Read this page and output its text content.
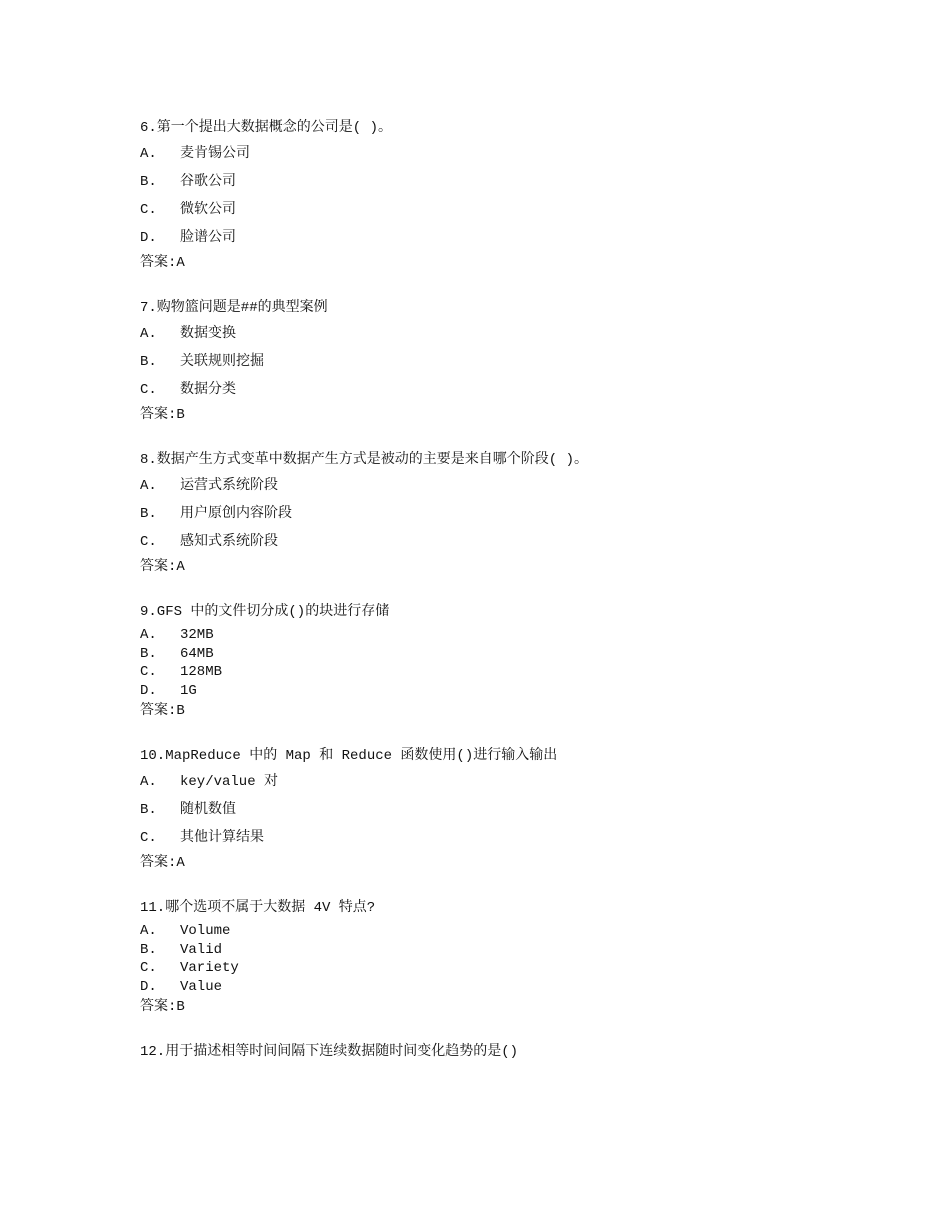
6.第一个提出大数据概念的公司是( )。
A.	麦肯锡公司
B.	谷歌公司
C.	微软公司
D.	脸谱公司
答案:A
7.购物篮问题是##的典型案例
A.	数据变换
B.	关联规则挖掘
C.	数据分类
答案:B
8.数据产生方式变革中数据产生方式是被动的主要是来自哪个阶段( )。
A.	运营式系统阶段
B.	用户原创内容阶段
C.	感知式系统阶段
答案:A
9.GFS 中的文件切分成()的块进行存储
A.	32MB
B.	64MB
C.	128MB
D.	1G
答案:B
10.MapReduce 中的 Map 和 Reduce 函数使用()进行输入输出
A.	key/value 对
B.	随机数值
C.	其他计算结果
答案:A
11.哪个选项不属于大数据 4V 特点?
A.	Volume
B.	Valid
C.	Variety
D.	Value
答案:B
12.用于描述相等时间间隔下连续数据随时间变化趋势的是()
